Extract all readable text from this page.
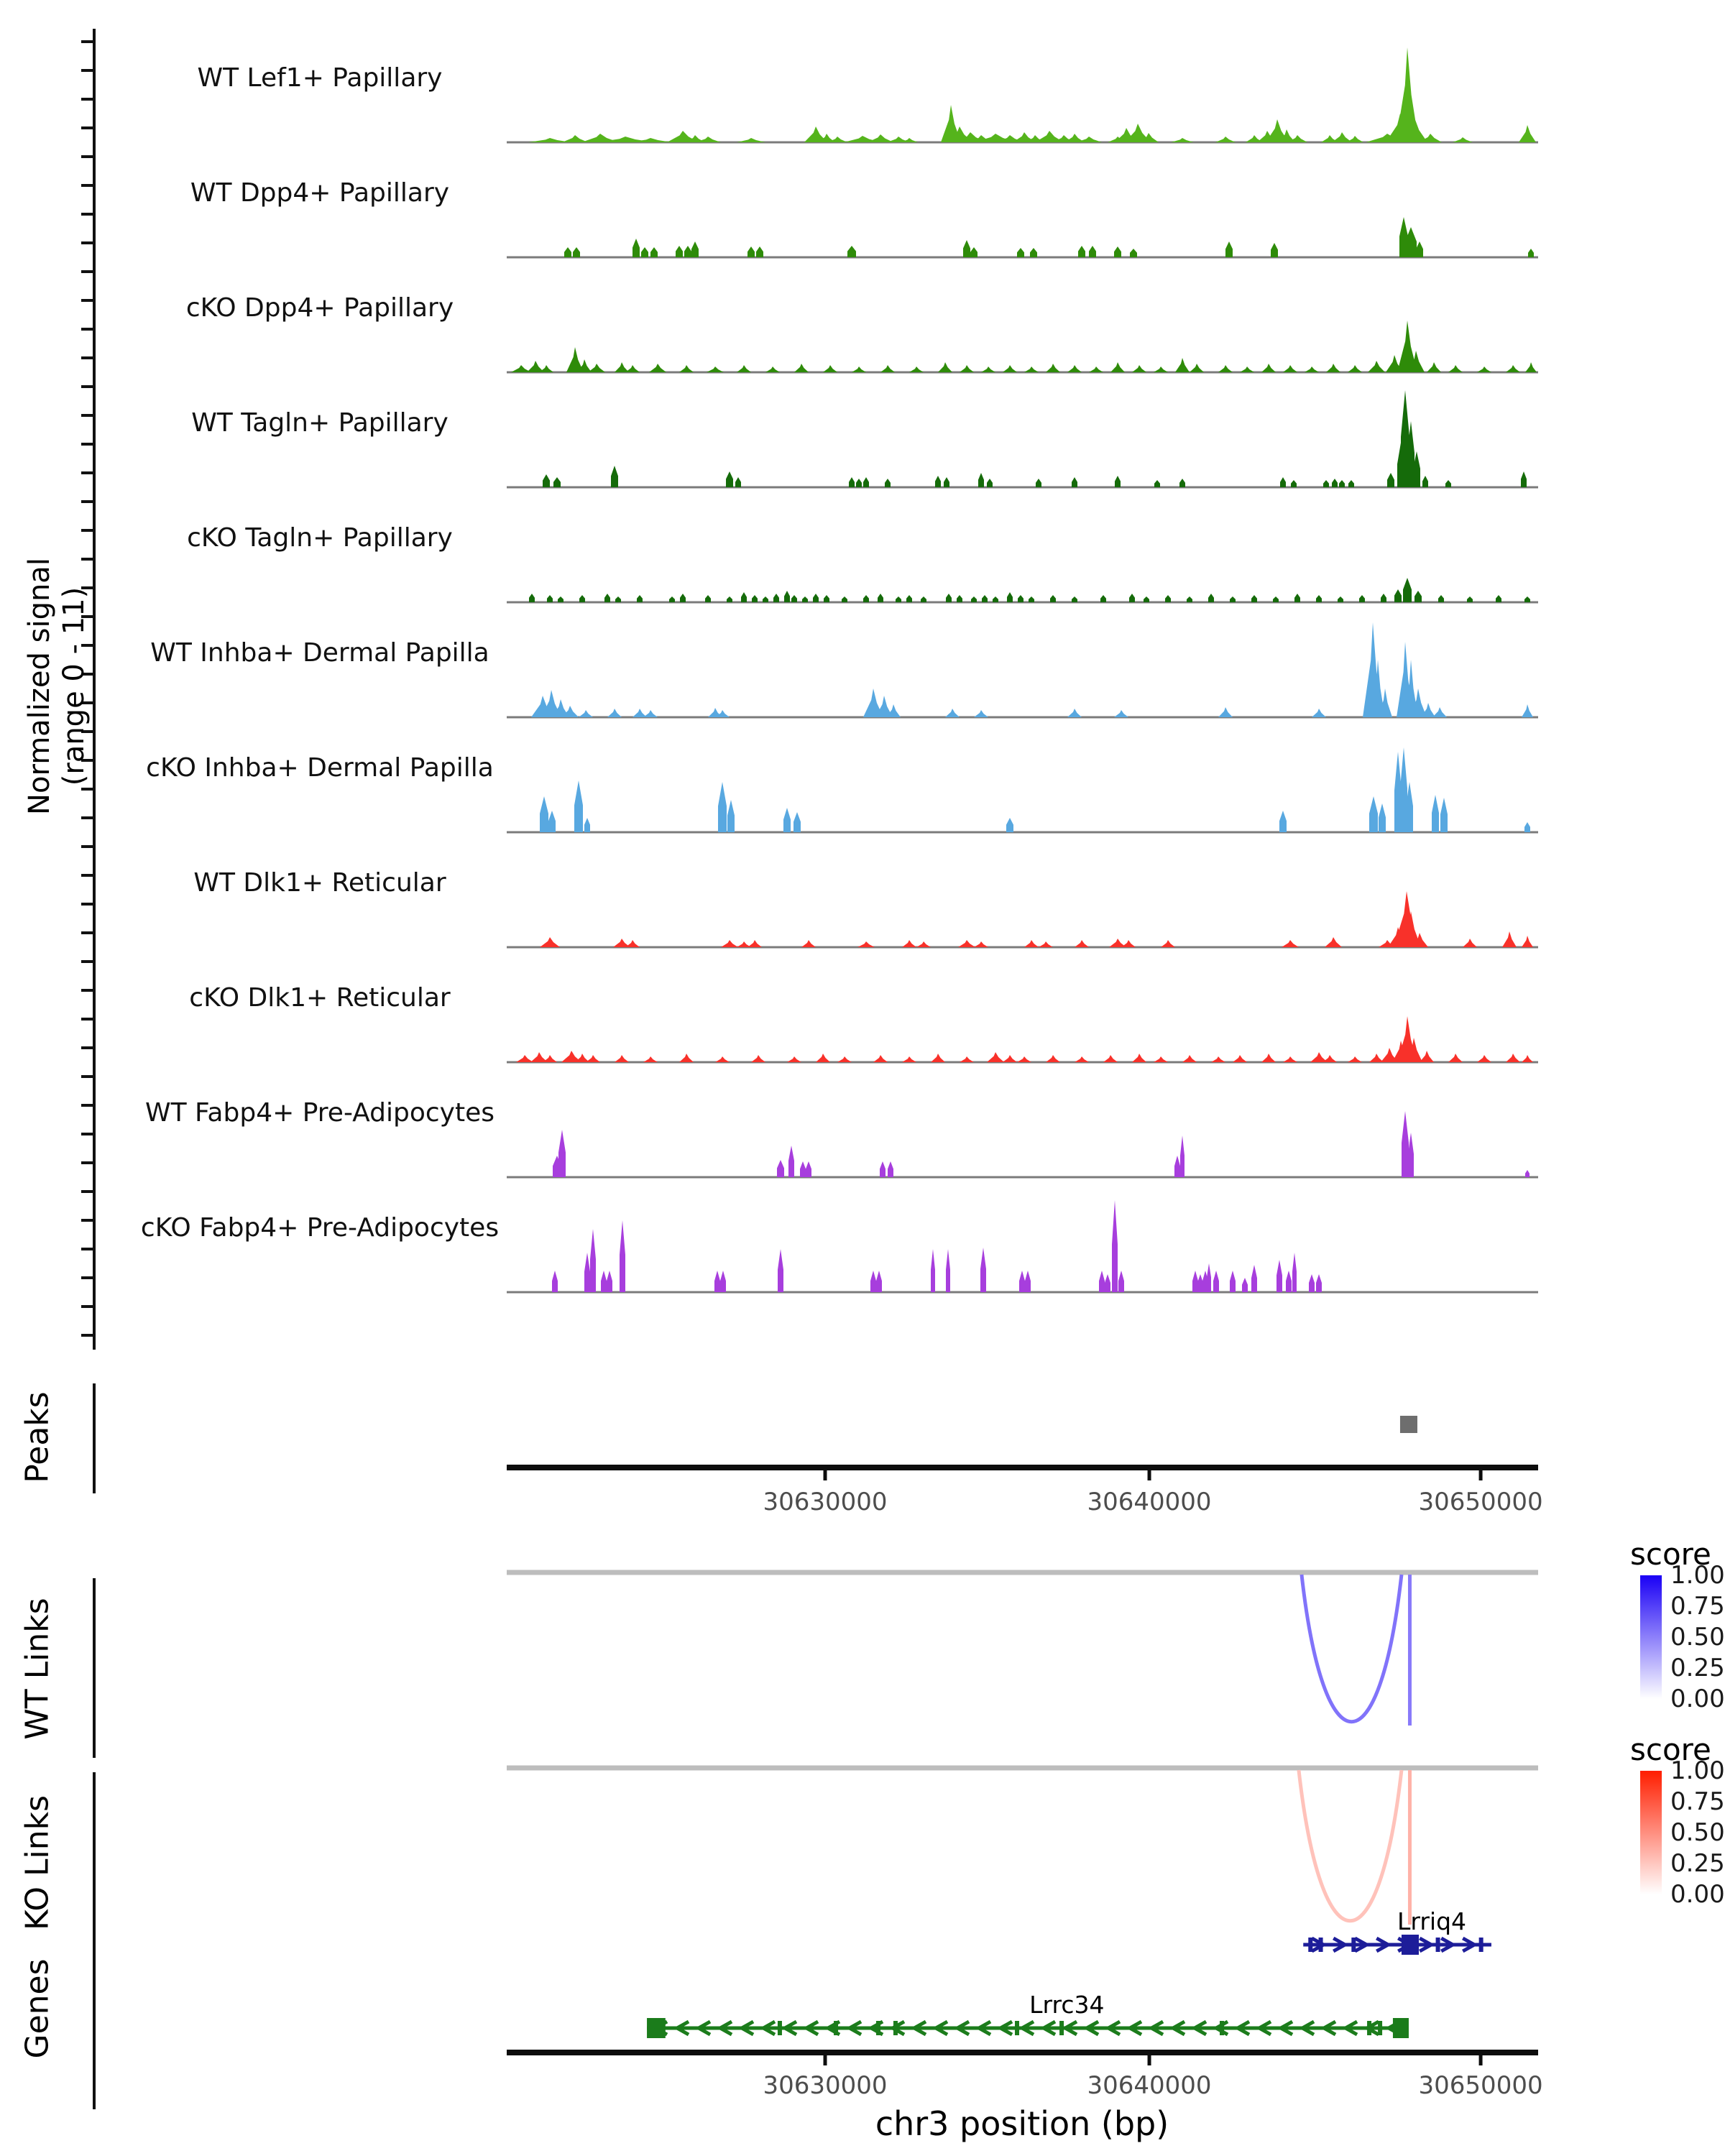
Normalized signal (range 0 - 11)
Peaks
WT Links
KO Links
Genes
score
score
chr3 position (bp)
WT Lef1+ Papillary
WT Dpp4+ Papillary
cKO Dpp4+ Papillary
WT Tagln+ Papillary
cKO Tagln+ Papillary
WT Inhba+ Dermal Papilla
cKO Inhba+ Dermal Papilla
WT Dlk1+ Reticular
cKO Dlk1+ Reticular
WT Fabp4+ Pre-Adipocytes
cKO Fabp4+ Pre-Adipocytes
30630000	30640000	30650000
30630000	30640000	30650000
1.00
0.75
0.50
0.25
0.00
1.00
0.75
0.50
0.25
0.00
Lrriq4
Lrrc34
